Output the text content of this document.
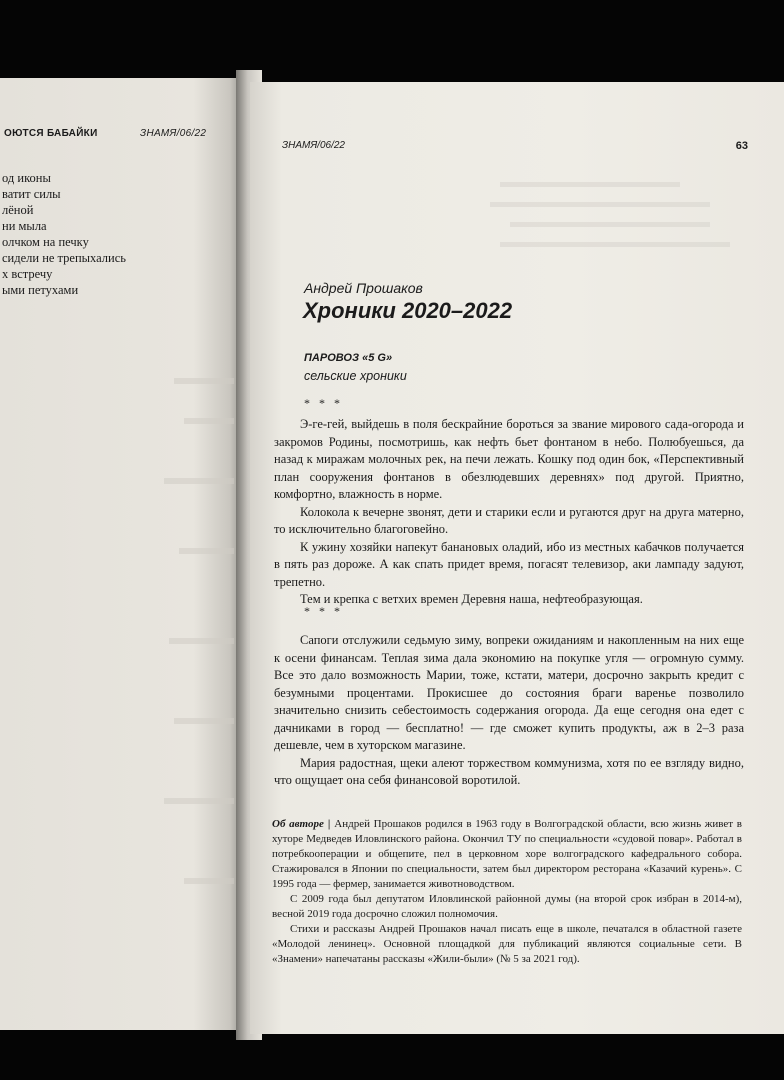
ОЮТСЯ БАБАЙКИ	ЗНАМЯ/06/22
од иконы
ватит силы
лёной
ни мыла
олчком на печку
сидели не трепыхались
х встречу
ыми петухами
ЗНАМЯ/06/22	63
Андрей Прошаков
Хроники 2020–2022
ПАРОВОЗ «5 G»
сельские хроники
* * *

Э-ге-гей, выйдешь в поля бескрайние бороться за звание мирового сада-огорода и закромов Родины, посмотришь, как нефть бьет фонтаном в небо. Полюбуешься, да назад к миражам молочных рек, на печи лежать. Кошку под один бок, «Перспективный план сооружения фонтанов в обезлюдевших деревнях» под другой. Приятно, комфортно, влажность в норме.

Колокола к вечерне звонят, дети и старики если и ругаются друг на друга матерно, то исключительно благоговейно.

К ужину хозяйки напекут банановых оладий, ибо из местных кабачков получается в пять раз дороже. А как спать придет время, погасят телевизор, аки лампаду задуют, трепетно.

Тем и крепка с ветхих времен Деревня наша, нефтеобразующая.

* * *

Сапоги отслужили седьмую зиму, вопреки ожиданиям и накопленным на них еще к осени финансам. Теплая зима дала экономию на покупке угля — огромную сумму. Все это дало возможность Марии, тоже, кстати, матери, досрочно закрыть кредит с безумными процентами. Прокисшее до состояния браги варенье позволило значительно снизить себестоимость содержания огорода. Да еще сегодня она едет с дачниками в город — бесплатно! — где сможет купить продукты, аж в 2–3 раза дешевле, чем в хуторском магазине.

Мария радостная, щеки алеют торжеством коммунизма, хотя по ее взгляду видно, что ощущает она себя финансовой воротилой.

Об авторе | Андрей Прошаков родился в 1963 году в Волгоградской области, всю жизнь живет в хуторе Медведев Иловлинского района. Окончил ТУ по специальности «судовой повар». Работал в потребкооперации и общепите, пел в церковном хоре волгоградского кафедрального собора. Стажировался в Японии по специальности, затем был директором ресторана «Казачий курень». С 1995 года — фермер, занимается животноводством.

С 2009 года был депутатом Иловлинской районной думы (на второй срок избран в 2014-м), весной 2019 года досрочно сложил полномочия.

Стихи и рассказы Андрей Прошаков начал писать еще в школе, печатался в областной газете «Молодой ленинец». Основной площадкой для публикаций являются социальные сети. В «Знамени» напечатаны рассказы «Жили-были» (№ 5 за 2021 год).
